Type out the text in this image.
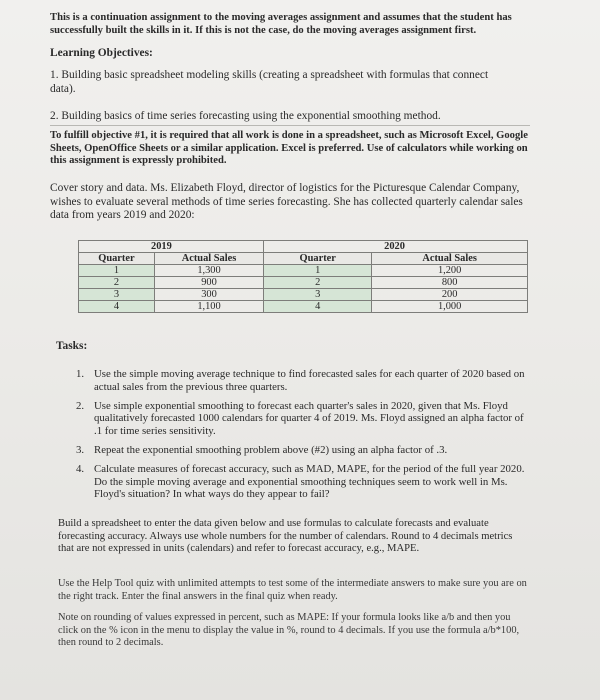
This is a continuation assignment to the moving averages assignment and assumes that the student has successfully built the skills in it. If this is not the case, do the moving averages assignment first.
Learning Objectives:
1. Building basic spreadsheet modeling skills (creating a spreadsheet with formulas that connect data).
2. Building basics of time series forecasting using the exponential smoothing method.
To fulfill objective #1, it is required that all work is done in a spreadsheet, such as Microsoft Excel, Google Sheets, OpenOffice Sheets or a similar application. Excel is preferred. Use of calculators while working on this assignment is expressly prohibited.
Cover story and data. Ms. Elizabeth Floyd, director of logistics for the Picturesque Calendar Company, wishes to evaluate several methods of time series forecasting. She has collected quarterly calendar sales data from years 2019 and 2020:
2019		2020	
Quarter	Actual Sales	Quarter	Actual Sales
1	1,300	1	1,200
2	900	2	800
3	300	3	200
4	1,100	4	1,000
Tasks:
1. Use the simple moving average technique to find forecasted sales for each quarter of 2020 based on actual sales from the previous three quarters.
2. Use simple exponential smoothing to forecast each quarter's sales in 2020, given that Ms. Floyd qualitatively forecasted 1000 calendars for quarter 4 of 2019. Ms. Floyd assigned an alpha factor of .1 for time series sensitivity.
3. Repeat the exponential smoothing problem above (#2) using an alpha factor of .3.
4. Calculate measures of forecast accuracy, such as MAD, MAPE, for the period of the full year 2020. Do the simple moving average and exponential smoothing techniques seem to work well in Ms. Floyd's situation? In what ways do they appear to fail?
Build a spreadsheet to enter the data given below and use formulas to calculate forecasts and evaluate forecasting accuracy. Always use whole numbers for the number of calendars. Round to 4 decimals metrics that are not expressed in units (calendars) and refer to forecast accuracy, e.g., MAPE.
Use the Help Tool quiz with unlimited attempts to test some of the intermediate answers to make sure you are on the right track. Enter the final answers in the final quiz when ready.
Note on rounding of values expressed in percent, such as MAPE: If your formula looks like a/b and then you click on the % icon in the menu to display the value in %, round to 4 decimals. If you use the formula a/b*100, then round to 2 decimals.
